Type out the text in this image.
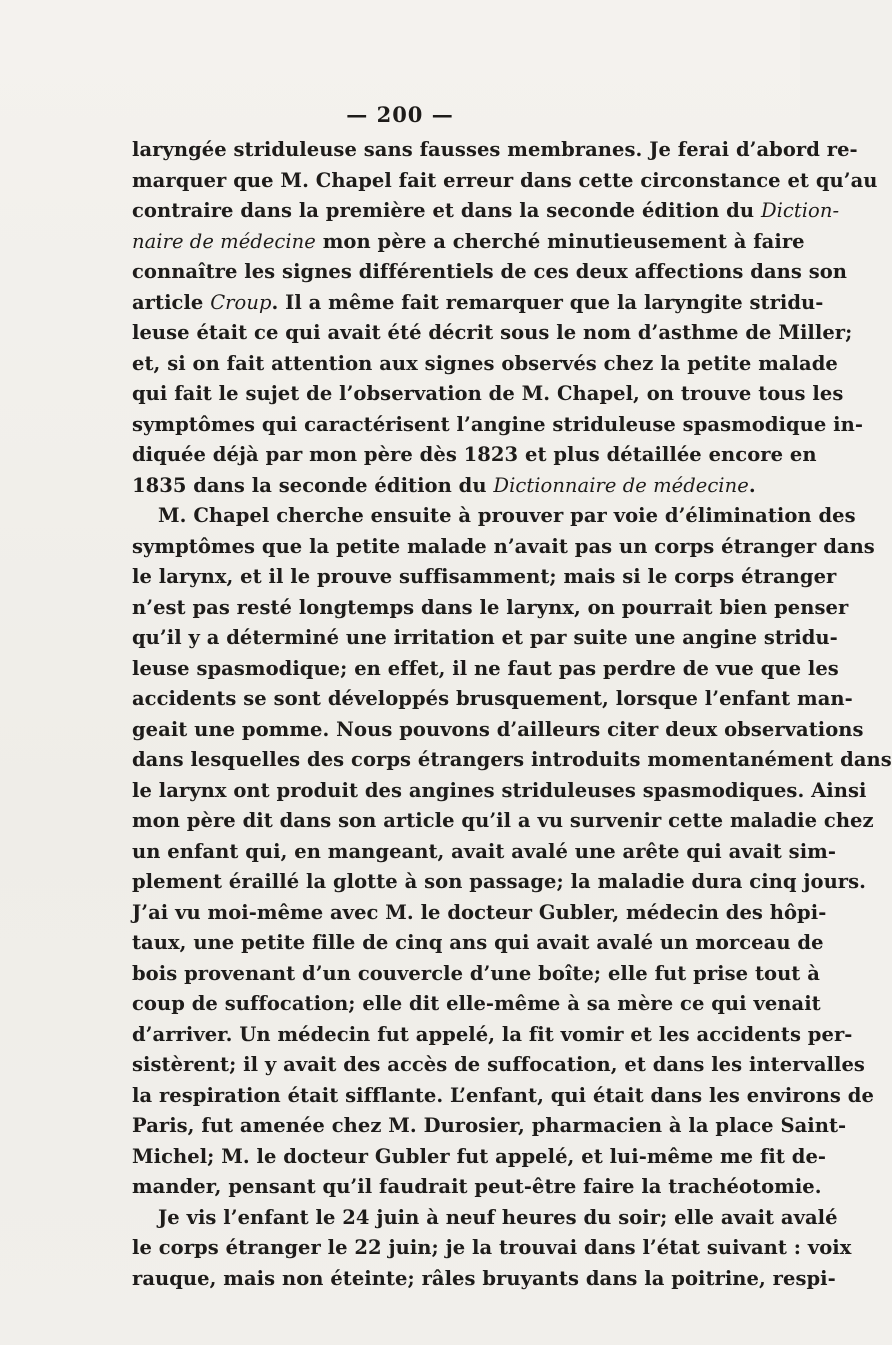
— 200 —
laryngée striduleuse sans fausses membranes. Je ferai d’abord re-
marquer que M. Chapel fait erreur dans cette circonstance et qu’au
contraire dans la première et dans la seconde édition du Diction-
naire de médecine mon père a cherché minutieusement à faire
connaître les signes différentiels de ces deux affections dans son
article Croup. Il a même fait remarquer que la laryngite stridu-
leuse était ce qui avait été décrit sous le nom d’asthme de Miller;
et, si on fait attention aux signes observés chez la petite malade
qui fait le sujet de l’observation de M. Chapel, on trouve tous les
symptômes qui caractérisent l’angine striduleuse spasmodique in-
diquée déjà par mon père dès 1823 et plus détaillée encore en
1835 dans la seconde édition du Dictionnaire de médecine.
M. Chapel cherche ensuite à prouver par voie d’élimination des
symptômes que la petite malade n’avait pas un corps étranger dans
le larynx, et il le prouve suffisamment; mais si le corps étranger
n’est pas resté longtemps dans le larynx, on pourrait bien penser
qu’il y a déterminé une irritation et par suite une angine stridu-
leuse spasmodique; en effet, il ne faut pas perdre de vue que les
accidents se sont développés brusquement, lorsque l’enfant man-
geait une pomme. Nous pouvons d’ailleurs citer deux observations
dans lesquelles des corps étrangers introduits momentanément dans
le larynx ont produit des angines striduleuses spasmodiques. Ainsi
mon père dit dans son article qu’il a vu survenir cette maladie chez
un enfant qui, en mangeant, avait avalé une arête qui avait sim-
plement éraillé la glotte à son passage; la maladie dura cinq jours.
J’ai vu moi-même avec M. le docteur Gubler, médecin des hôpi-
taux, une petite fille de cinq ans qui avait avalé un morceau de
bois provenant d’un couvercle d’une boîte; elle fut prise tout à
coup de suffocation; elle dit elle-même à sa mère ce qui venait
d’arriver. Un médecin fut appelé, la fit vomir et les accidents per-
sistèrent; il y avait des accès de suffocation, et dans les intervalles
la respiration était sifflante. L’enfant, qui était dans les environs de
Paris, fut amenée chez M. Durosier, pharmacien à la place Saint-
Michel; M. le docteur Gubler fut appelé, et lui-même me fit de-
mander, pensant qu’il faudrait peut-être faire la trachéotomie.
Je vis l’enfant le 24 juin à neuf heures du soir; elle avait avalé
le corps étranger le 22 juin; je la trouvai dans l’état suivant : voix
rauque, mais non éteinte; râles bruyants dans la poitrine, respi-
